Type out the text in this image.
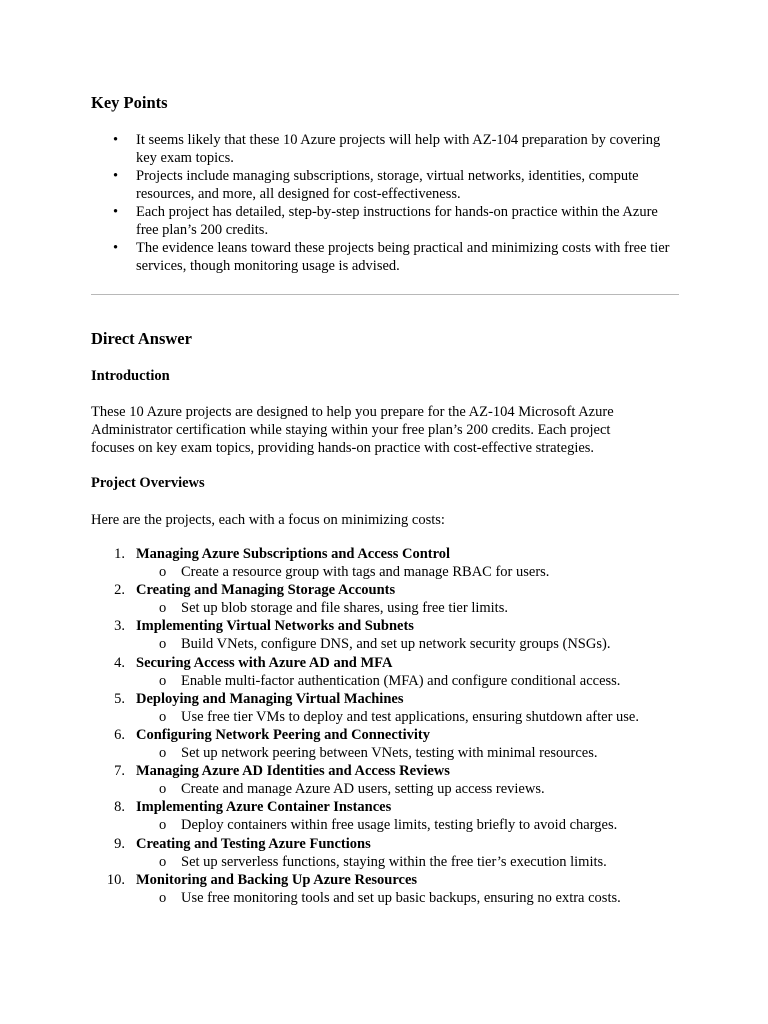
Key Points
• It seems likely that these 10 Azure projects will help with AZ-104 preparation by covering key exam topics.
• Projects include managing subscriptions, storage, virtual networks, identities, compute resources, and more, all designed for cost-effectiveness.
• Each project has detailed, step-by-step instructions for hands-on practice within the Azure free plan’s 200 credits.
• The evidence leans toward these projects being practical and minimizing costs with free tier services, though monitoring usage is advised.
Direct Answer
Introduction

These 10 Azure projects are designed to help you prepare for the AZ-104 Microsoft Azure Administrator certification while staying within your free plan’s 200 credits. Each project focuses on key exam topics, providing hands-on practice with cost-effective strategies.

Project Overviews

Here are the projects, each with a focus on minimizing costs:

1. Managing Azure Subscriptions and Access Control
o Create a resource group with tags and manage RBAC for users.
2. Creating and Managing Storage Accounts
o Set up blob storage and file shares, using free tier limits.
3. Implementing Virtual Networks and Subnets
o Build VNets, configure DNS, and set up network security groups (NSGs).
4. Securing Access with Azure AD and MFA
o Enable multi-factor authentication (MFA) and configure conditional access.
5. Deploying and Managing Virtual Machines
o Use free tier VMs to deploy and test applications, ensuring shutdown after use.
6. Configuring Network Peering and Connectivity
o Set up network peering between VNets, testing with minimal resources.
7. Managing Azure AD Identities and Access Reviews
o Create and manage Azure AD users, setting up access reviews.
8. Implementing Azure Container Instances
o Deploy containers within free usage limits, testing briefly to avoid charges.
9. Creating and Testing Azure Functions
o Set up serverless functions, staying within the free tier’s execution limits.
10. Monitoring and Backing Up Azure Resources
o Use free monitoring tools and set up basic backups, ensuring no extra costs.
